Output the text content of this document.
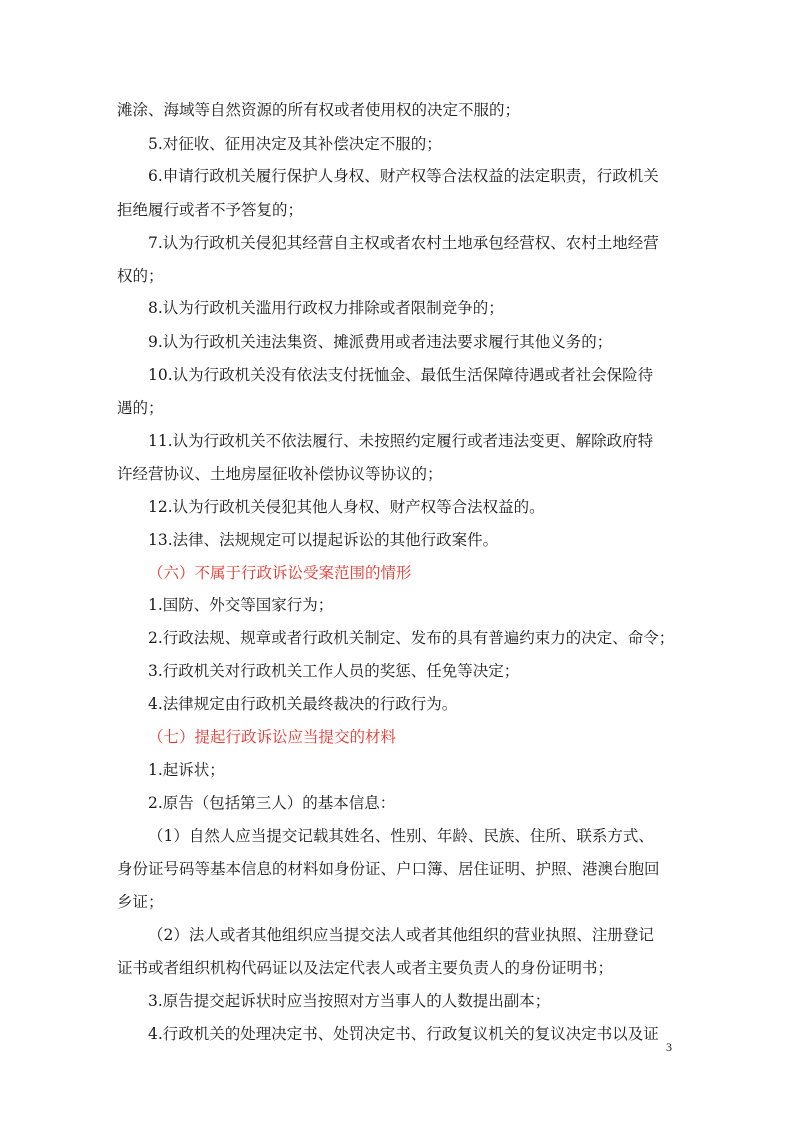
滩涂、海域等自然资源的所有权或者使用权的决定不服的；
5.对征收、征用决定及其补偿决定不服的；
6.申请行政机关履行保护人身权、财产权等合法权益的法定职责，行政机关
拒绝履行或者不予答复的；
7.认为行政机关侵犯其经营自主权或者农村土地承包经营权、农村土地经营
权的；
8.认为行政机关滥用行政权力排除或者限制竞争的；
9.认为行政机关违法集资、摊派费用或者违法要求履行其他义务的；
10.认为行政机关没有依法支付抚恤金、最低生活保障待遇或者社会保险待
遇的；
11.认为行政机关不依法履行、未按照约定履行或者违法变更、解除政府特
许经营协议、土地房屋征收补偿协议等协议的；
12.认为行政机关侵犯其他人身权、财产权等合法权益的。
13.法律、法规规定可以提起诉讼的其他行政案件。
（六）不属于行政诉讼受案范围的情形
1.国防、外交等国家行为；
2.行政法规、规章或者行政机关制定、发布的具有普遍约束力的决定、命令；
3.行政机关对行政机关工作人员的奖惩、任免等决定；
4.法律规定由行政机关最终裁决的行政行为。
（七）提起行政诉讼应当提交的材料
1.起诉状；
2.原告（包括第三人）的基本信息：
（1）自然人应当提交记载其姓名、性别、年龄、民族、住所、联系方式、
身份证号码等基本信息的材料如身份证、户口簿、居住证明、护照、港澳台胞回
乡证；
（2）法人或者其他组织应当提交法人或者其他组织的营业执照、注册登记
证书或者组织机构代码证以及法定代表人或者主要负责人的身份证明书；
3.原告提交起诉状时应当按照对方当事人的人数提出副本；
4.行政机关的处理决定书、处罚决定书、行政复议机关的复议决定书以及证
3
